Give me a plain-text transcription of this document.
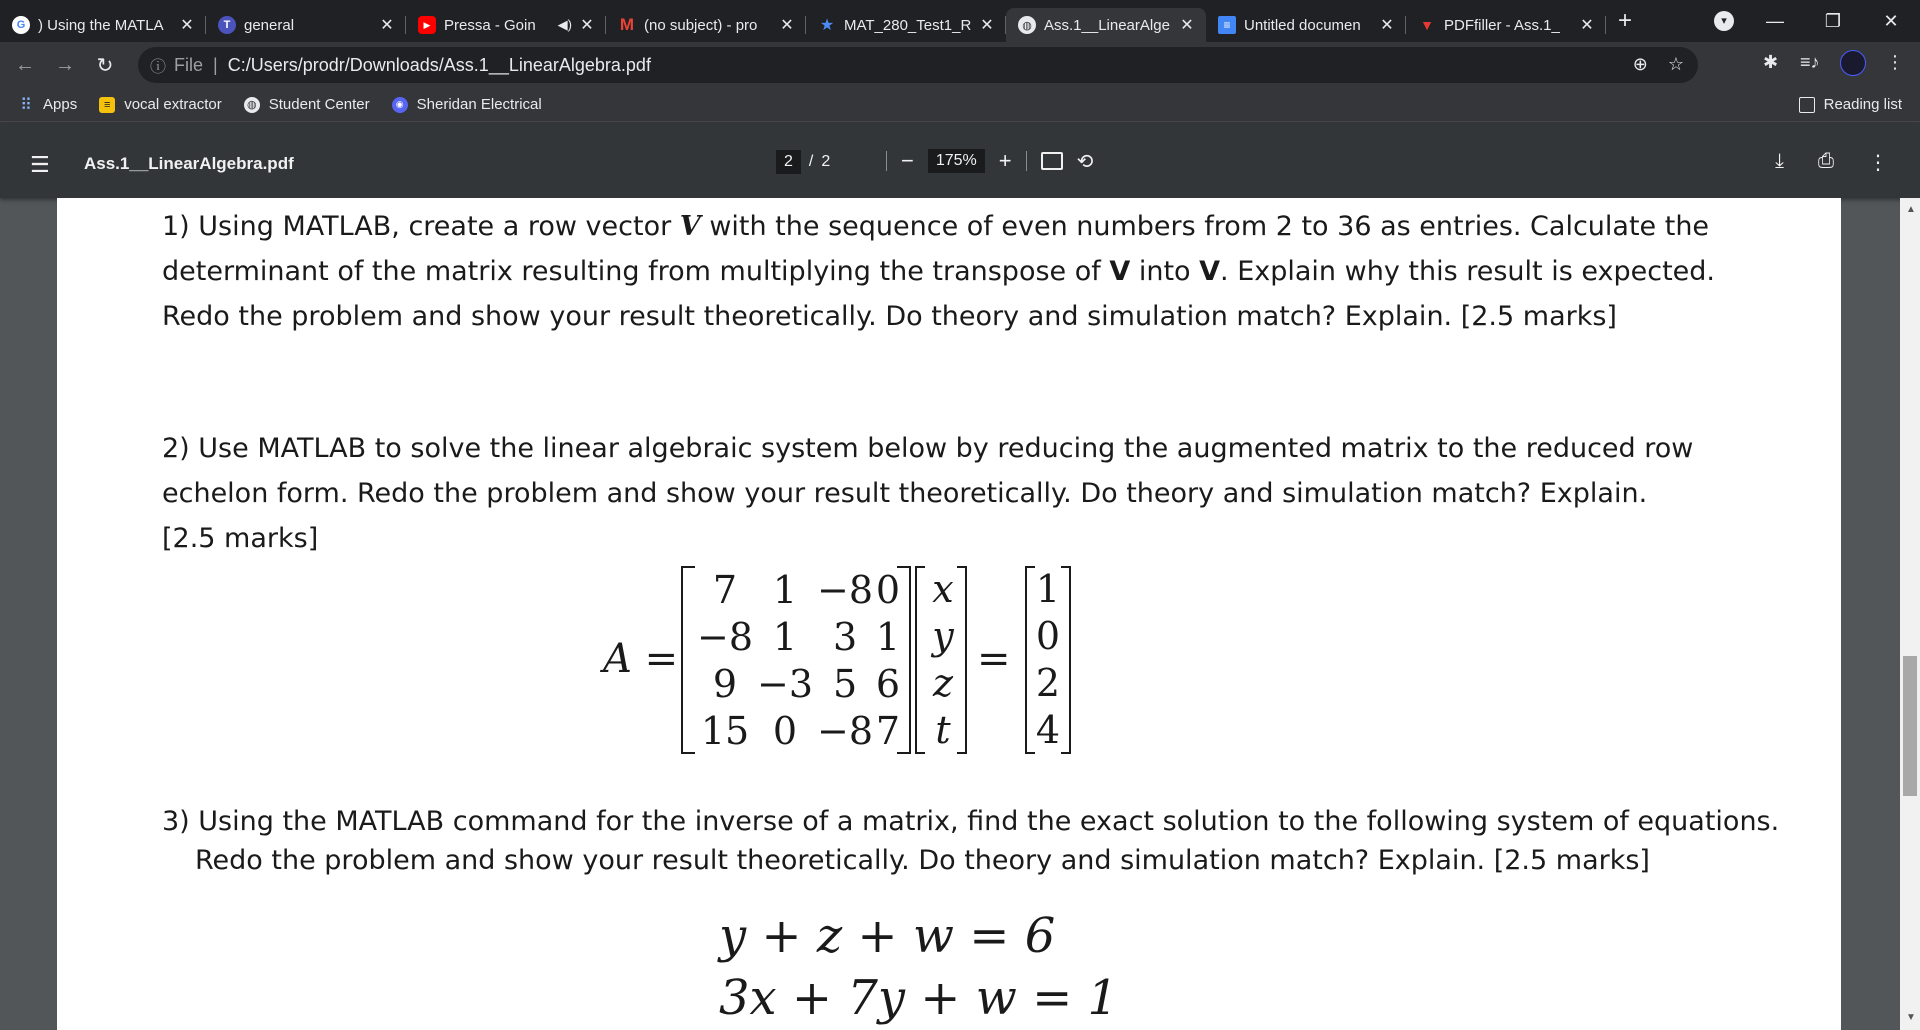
G ) Using the MATLA	✕	T general	✕	▶ Pressa - Goin	◀) ✕ M (no subject) - pro	✕ ★ MAT_280_Test1_R ✕	◍ Ass.1__LinearAlge ✕	≡ Untitled documen	✕ ▼ PDFfiller - Ass.1_	✕ +	▾	—	❐	✕
← →	↻	ⓘ File | C:/Users/prodr/Downloads/Ass.1__LinearAlgebra.pdf	⊕ ☆	✱ ≡♪	⋮
⠿ Apps	≡ vocal extractor ◍ Student Center	◉ Sheridan Electrical	Reading list
☰ Ass.1__LinearAlgebra.pdf	2	/ 2	−	175%	+	⟲	⤓ ⎙ ⋮
1) Using MATLAB, create a row vector V with the sequence of even numbers from 2 to 36 as entries. Calculate the
determinant of the matrix resulting from multiplying the transpose of V into V. Explain why this result is expected.
Redo the problem and show your result theoretically. Do theory and simulation match? Explain. [2.5 marks]
2) Use MATLAB to solve the linear algebraic system below by reducing the augmented matrix to the reduced row
echelon form. Redo the problem and show your result theoretically. Do theory and simulation match? Explain.
[2.5 marks]
A =
7	1	−8	0
−8	1	3	1
9	−3	5	6
15	0	−8	7
x
y
z
t
=
1
0
2
4
3) Using the MATLAB command for the inverse of a matrix, find the exact solution to the following system of equations.
Redo the problem and show your result theoretically. Do theory and simulation match? Explain. [2.5 marks]
y + z + w = 6
3x + 7y + w = 1
▲
▼
